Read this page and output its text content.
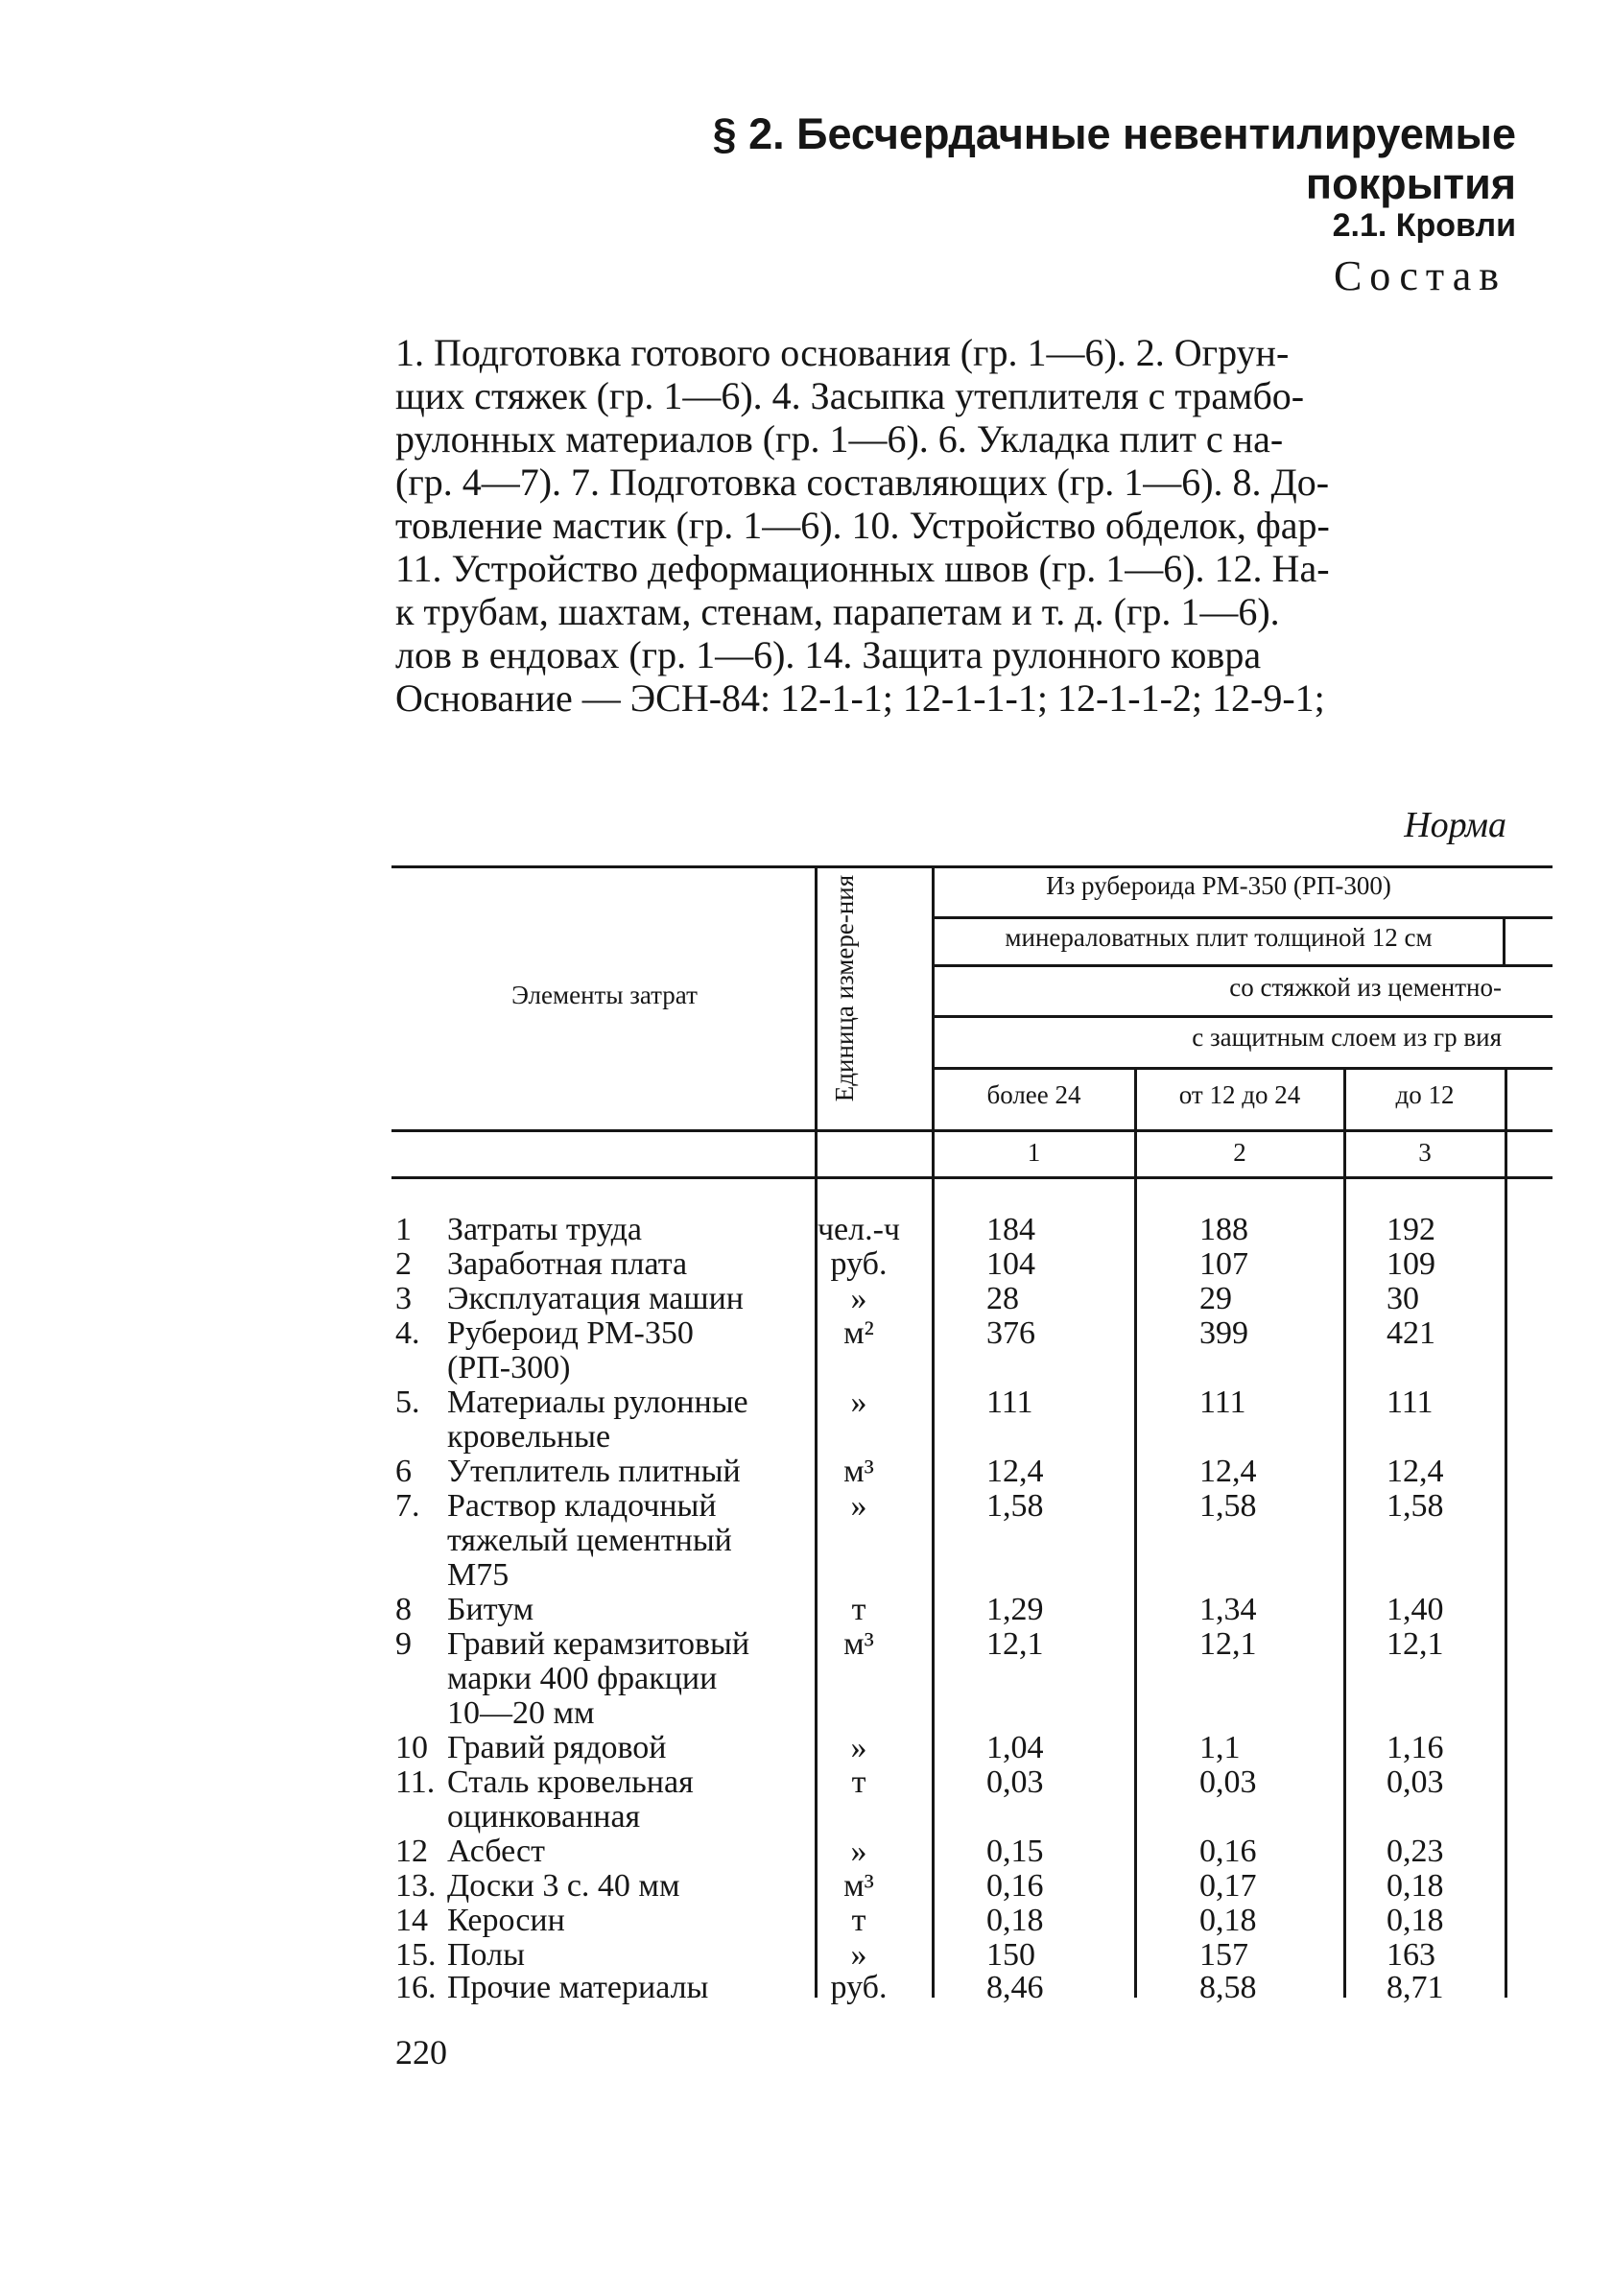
§ 2. Бесчердачные невентилируемые покрытия
2.1. Кровли
Состав
1. Подготовка готового основания (гр. 1—6). 2. Огрун-
щих стяжек (гр. 1—6). 4. Засыпка утеплителя с трамбо-
рулонных материалов (гр. 1—6). 6. Укладка плит с на-
(гр. 4—7). 7. Подготовка составляющих (гр. 1—6). 8. До-
товление мастик (гр. 1—6). 10. Устройство обделок, фар-
11. Устройство деформационных швов (гр. 1—6). 12. На-
к трубам, шахтам, стенам, парапетам и т. д. (гр. 1—6).
лов в ендовах (гр. 1—6). 14. Защита рулонного ковра
Основание — ЭСН-84: 12-1-1; 12-1-1-1; 12-1-1-2; 12-9-1;
Норма
Элементы затрат	Единица измере-ния	Из рубероида РМ-350 (РП-300)
минераловатных плит толщиной 12 см
со стяжкой из цементно-
с защитным слоем из гр вия
более 24	от 12 до 24	до 12
1	2	3
1 Затраты труда	чел.-ч	184	188	192
2 Заработная плата	руб.	104	107	109
3 Эксплуатация машин	»	28	29	30
4. Рубероид РМ-350
(РП-300)
м²	376	399	421
5. Материалы рулонные
кровельные
»	111	111	111
6 Утеплитель плитный	м³	12,4	12,4	12,4
7. Раствор кладочный
тяжелый цементный
М75
»	1,58	1,58	1,58
8 Битум	т	1,29	1,34	1,40
9 Гравий керамзитовый
марки 400 фракции
10—20 мм
м³	12,1	12,1	12,1
10 Гравий рядовой	»	1,04	1,1	1,16
11. Сталь кровельная
оцинкованная
т	0,03	0,03	0,03
12 Асбест	»	0,15	0,16	0,23
13. Доски 3 с. 40 мм	м³	0,16	0,17	0,18
14 Керосин	т	0,18	0,18	0,18
15. Полы	»	150	157	163
16. Прочие материалы	руб.	8,46	8,58	8,71
220
